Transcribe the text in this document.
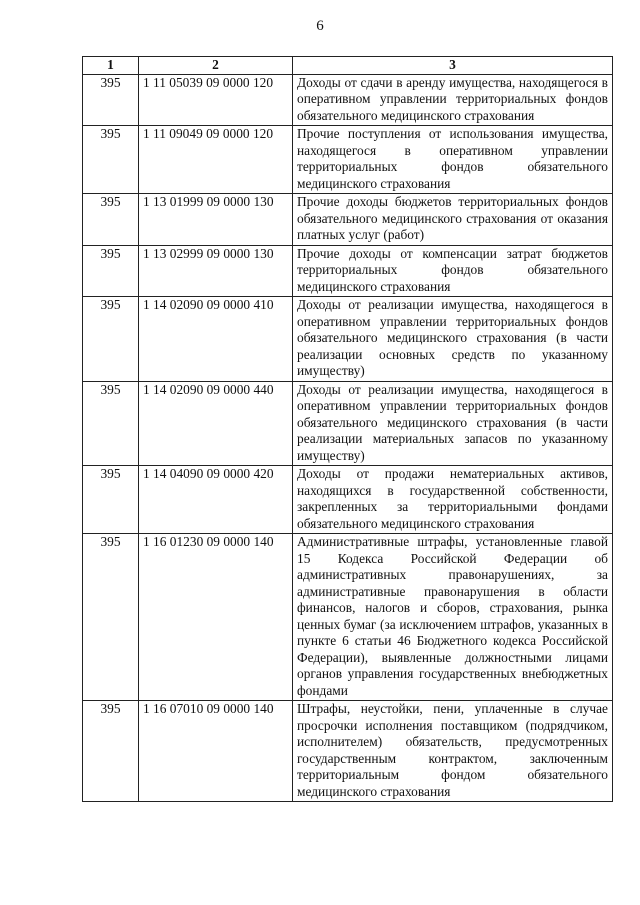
6
1	2	3
395	1 11 05039 09 0000 120	Доходы от сдачи в аренду имущества, находящегося в оперативном управлении территориальных фондов обязательного медицинского страхования
395	1 11 09049 09 0000 120	Прочие поступления от использования имущества, находящегося в оперативном управлении территориальных фондов обязательного медицинского страхования
395	1 13 01999 09 0000 130	Прочие доходы бюджетов территориальных фондов обязательного медицинского страхования от оказания платных услуг (работ)
395	1 13 02999 09 0000 130	Прочие доходы от компенсации затрат бюджетов территориальных фондов обязательного медицинского страхования
395	1 14 02090 09 0000 410	Доходы от реализации имущества, находящегося в оперативном управлении территориальных фондов обязательного медицинского страхования (в части реализации основных средств по указанному имуществу)
395	1 14 02090 09 0000 440	Доходы от реализации имущества, находящегося в оперативном управлении территориальных фондов обязательного медицинского страхования (в части реализации материальных запасов по указанному имуществу)
395	1 14 04090 09 0000 420	Доходы от продажи нематериальных активов, находящихся в государственной собственности, закрепленных за территориальными фондами обязательного медицинского страхования
395	1 16 01230 09 0000 140	Административные штрафы, установленные главой 15 Кодекса Российской Федерации об административных правонарушениях, за административные правонарушения в области финансов, налогов и сборов, страхования, рынка ценных бумаг (за исключением штрафов, указанных в пункте 6 статьи 46 Бюджетного кодекса Российской Федерации), выявленные должностными лицами органов управления государственных внебюджетных фондами
395	1 16 07010 09 0000 140	Штрафы, неустойки, пени, уплаченные в случае просрочки исполнения поставщиком (подрядчиком, исполнителем) обязательств, предусмотренных государственным контрактом, заключенным территориальным фондом обязательного медицинского страхования
